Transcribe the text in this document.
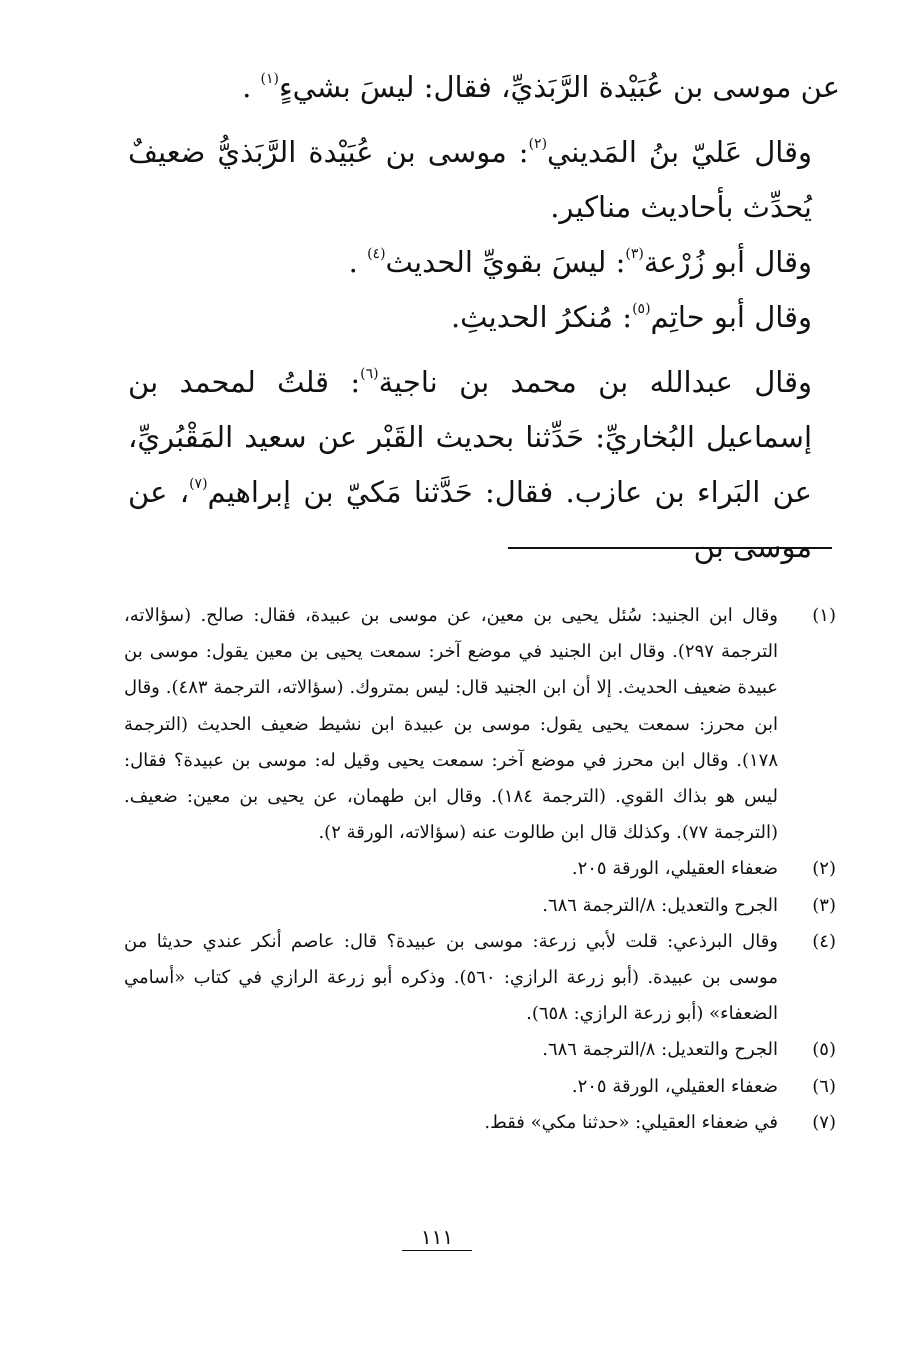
عن موسى بن عُبَيْدة الرَّبَذيِّ، فقال: ليسَ بشيءٍ$^{(١)}$ .

وقال عَليّ بنُ المَديني$^{(٢)}$: موسى بن عُبَيْدة الرَّبَذيُّ ضعيفٌ يُحدِّث بأحاديث مناكير.

وقال أبو زُرْعة$^{(٣)}$: ليسَ بقويِّ الحديث$^{(٤)}$ .

وقال أبو حاتِم$^{(٥)}$: مُنكرُ الحديثِ.

وقال عبدالله بن محمد بن ناجية$^{(٦)}$: قلتُ لمحمد بن إسماعيل البُخاريِّ: حَدِّثنا بحديث القَبْر عن سعيد المَقْبُريِّ، عن البَراء بن عازب. فقال: حَدَّثنا مَكيّ بن إبراهيم$^{(٧)}$، عن موسى بن

(١)
وقال ابن الجنيد: سُئل يحيى بن معين، عن موسى بن عبيدة، فقال: صالح. (سؤالاته، الترجمة ٢٩٧). وقال ابن الجنيد في موضع آخر: سمعت يحيى بن معين يقول: موسى بن عبيدة ضعيف الحديث. إلا أن ابن الجنيد قال: ليس بمتروك. (سؤالاته، الترجمة ٤٨٣). وقال ابن محرز: سمعت يحيى يقول: موسى بن عبيدة ابن نشيط ضعيف الحديث (الترجمة ١٧٨). وقال ابن محرز في موضع آخر: سمعت يحيى وقيل له: موسى بن عبيدة؟ فقال: ليس هو بذاك القوي. (الترجمة ١٨٤). وقال ابن طهمان، عن يحيى بن معين: ضعيف. (الترجمة ٧٧). وكذلك قال ابن طالوت عنه (سؤالاته، الورقة ٢).
(٢)
ضعفاء العقيلي، الورقة ٢٠٥.
(٣)
الجرح والتعديل: ٨/الترجمة ٦٨٦.
(٤)
وقال البرذعي: قلت لأبي زرعة: موسى بن عبيدة؟ قال: عاصم أنكر عندي حديثا من موسى بن عبيدة. (أبو زرعة الرازي: ٥٦٠). وذكره أبو زرعة الرازي في كتاب «أسامي الضعفاء» (أبو زرعة الرازي: ٦٥٨).
(٥)
الجرح والتعديل: ٨/الترجمة ٦٨٦.
(٦)
ضعفاء العقيلي، الورقة ٢٠٥.
(٧)
في ضعفاء العقيلي: «حدثنا مكي» فقط.
١١١
